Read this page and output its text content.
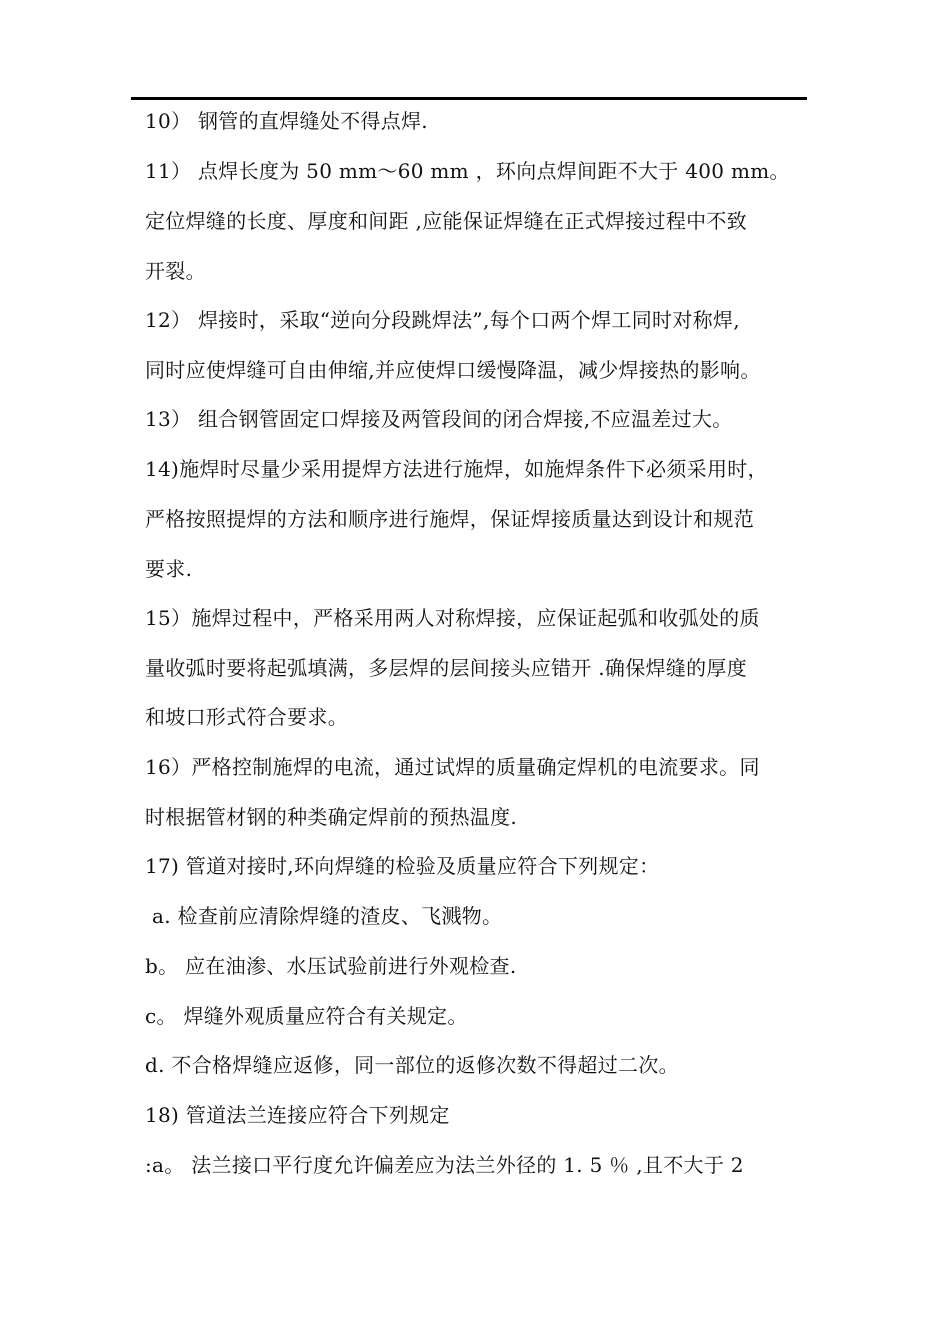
10） 钢管的直焊缝处不得点焊.
11） 点焊长度为 50 mm～60 mm ，环向点焊间距不大于 400 mm。
定位焊缝的长度、厚度和间距 ,应能保证焊缝在正式焊接过程中不致
开裂。
12） 焊接时，采取“逆向分段跳焊法”,每个口两个焊工同时对称焊,
同时应使焊缝可自由伸缩,并应使焊口缓慢降温，减少焊接热的影响。
13） 组合钢管固定口焊接及两管段间的闭合焊接,不应温差过大。
14)施焊时尽量少采用提焊方法进行施焊，如施焊条件下必须采用时，
严格按照提焊的方法和顺序进行施焊，保证焊接质量达到设计和规范
要求.
15）施焊过程中，严格采用两人对称焊接，应保证起弧和收弧处的质
量收弧时要将起弧填满，多层焊的层间接头应错开 .确保焊缝的厚度
和坡口形式符合要求。
16）严格控制施焊的电流，通过试焊的质量确定焊机的电流要求。同
时根据管材钢的种类确定焊前的预热温度.
17) 管道对接时,环向焊缝的检验及质量应符合下列规定：
a. 检查前应清除焊缝的渣皮、飞溅物。
b。 应在油渗、水压试验前进行外观检查.
c。 焊缝外观质量应符合有关规定。
d. 不合格焊缝应返修，同一部位的返修次数不得超过二次。
18) 管道法兰连接应符合下列规定
:a。 法兰接口平行度允许偏差应为法兰外径的 1. 5 ％ ,且不大于 2
